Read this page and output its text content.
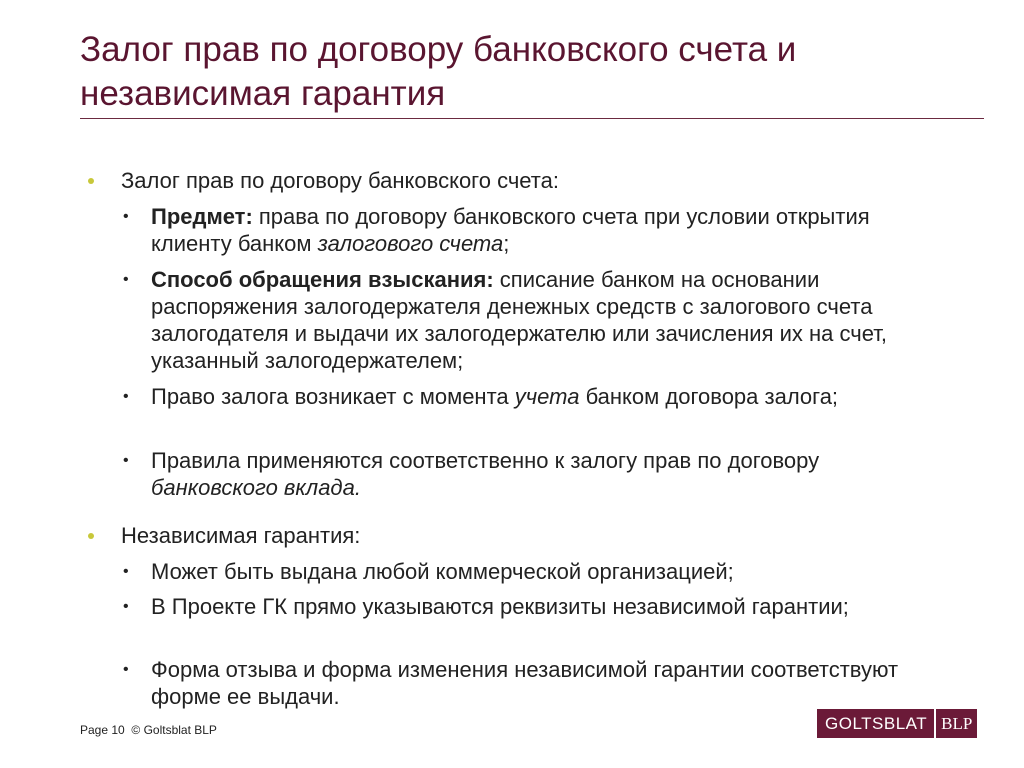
Залог прав по договору банковского счета и
независимая гарантия
Залог прав по договору банковского счета:
• Предмет: права по договору банковского счета при условии открытия клиенту банком залогового счета;
• Способ обращения взыскания: списание банком на основании распоряжения залогодержателя денежных средств с залогового счета залогодателя и выдачи их залогодержателю или зачисления их на счет, указанный залогодержателем;
• Право залога возникает с момента учета банком договора залога;
• Правила применяются соответственно к залогу прав по договору банковского вклада.
Независимая гарантия:
• Может быть выдана любой коммерческой организацией;
• В Проекте ГК прямо указываются реквизиты независимой гарантии;
• Форма отзыва и форма изменения независимой гарантии соответствуют форме ее выдачи.
Page 10 © Goltsblat BLP	GOLTSBLAT BLP
